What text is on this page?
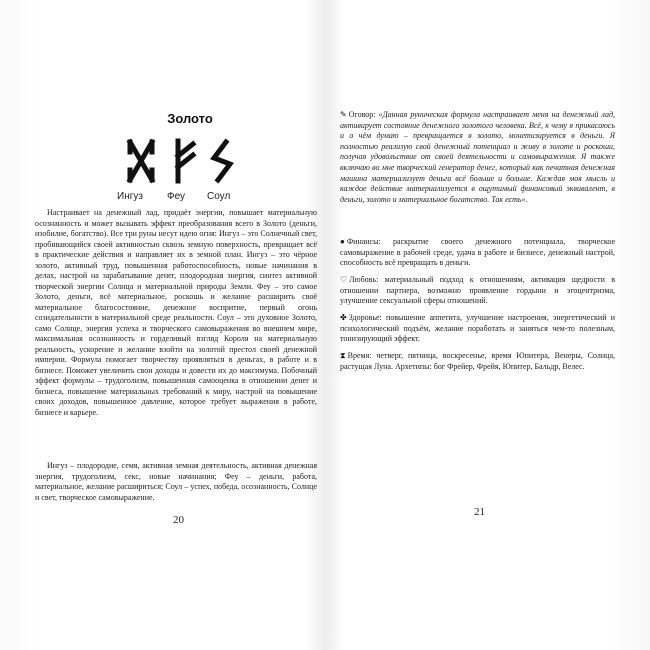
Золото
Ингуз Феу Соул

Настраивает на денежный лад, придаёт энергии, повышает материальную осознанность и может вызывать эффект преобразования всего в Золото (деньги, изобилие, богатство). Все три руны несут идею огня: Ингуз – это Солнечный свет, пробивающийся своей активностью сквозь земную поверхность, превращает всё в практические действия и направляет их в земной план. Ингуз – это чёрное золото, активный труд, повышенная работоспособность, новые начинания в делах, настрой на зарабатывание денег, плодородная энергия, синтез активной творческой энергии Солнца и материальной природы Земли. Феу – это самое Золото, деньги, всё материальное, роскошь и желание расширить своё материальное благосостояние, денежное воспритие, первый огонь созидательности в материальной среде реальности. Соул – это духовное Золото, само Солнце, энергия успеха и творческого самовыражения во внешнем мире, максимальная осознанность и горделивый взгляд Короля на материальную реальность, ускорение и желание взойти на золотой престол своей денежной империи. Формула помогает творчеству проявляться в деньгах, в работе и в бизнесе. Поможет увеличить свои доходы и довести их до максимума. Побочный эффект формулы – трудоголизм, повышенная самооценка в отношении денег и бизнеса, повышение материальных требований к миру, настрой на повышение своих доходов, повышенное давление, которое требует выражения в работе, бизнесе и карьере.

Ингуз – плодородие, семя, активная земная деятельность, активная денежная энергия, трудоголизм, секс, новые начинания; Феу – деньги, работа, материальное, желание расшириться; Соул – успех, победа, осознанность, Солнце и свет, творческое самовыражение.

20

✎ Оговор: «Данная руническая формула настраивает меня на денежный лад, активирует состояние денежного золотого человека. Всё, к чему я прикасаюсь и о чём думаю – превращается в золото, монетизируется в деньги. Я полностью реализую свой денежный потенциал и живу в золоте и роскоши, получая удовольствие от своей деятельности и самовыражения. Я также включаю во мне творческий генератор денег, который как печатная денежная машина материализует деньги всё больше и больше. Каждая моя мысль и каждое действие материализуется в ощутимый финансовый эквивалент, в деньги, золото и материальное богатство. Так есть».

● Финансы: раскрытие своего денежного потенциала, творческое самовыражение в рабочей среде, удача в работе и бизнесе, денежный настрой, способность всё превращать в деньги.

♡ Любовь: материальный подход к отношениям, активация щедрости в отношении партнера, возможно проявление гордыни и эгоцентризма, улучшение сексуальной сферы отношений.

✤ Здоровье: повышение аппетита, улучшение настроения, энергетический и психологический подъём, желание поработать и заняться чем-то полезным, тонизирующий эффект.

⧗ Время: четверг, пятница, воскресенье, время Юпитера, Венеры, Солнца, растущая Луна. Архетипы: бог Фрейер, Фрейя, Юпитер, Бальдр, Велес.

21
